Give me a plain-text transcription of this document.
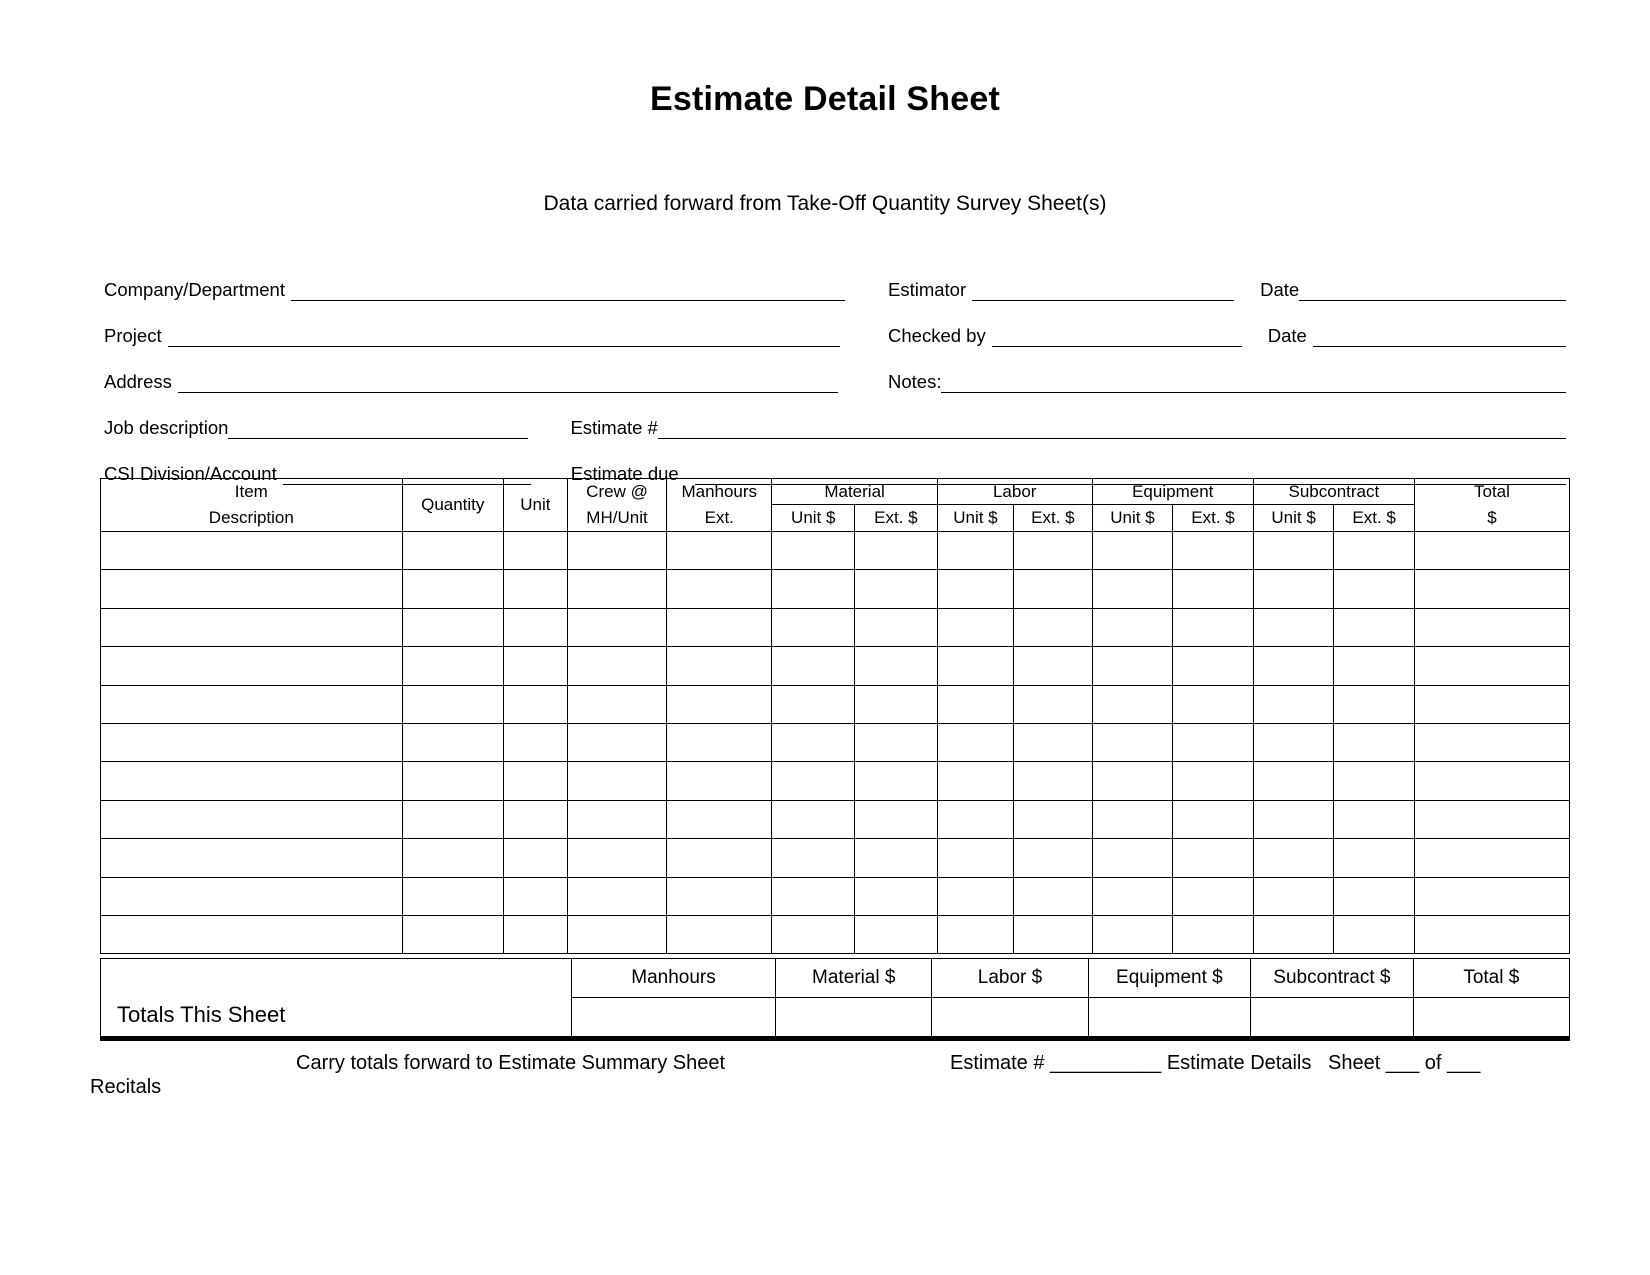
Estimate Detail Sheet
Data carried forward from Take-Off Quantity Survey Sheet(s)
Company/Department	Estimator	Date
Project	Checked by	Date
Address	Notes:
Job description	Estimate #
CSI Division/Account	Estimate due
Item	Quantity	Unit	Crew @	Manhours	Material		Labor		Equipment		Subcontract		Total
Description			MH/Unit	Ext.	Unit $	Ext. $	Unit $	Ext. $	Unit $	Ext. $	Unit $	Ext. $	$

Totals This Sheet	Manhours	Material $	Labor $	Equipment $	Subcontract $	Total $

Carry totals forward to Estimate Summary Sheet	Estimate # __________ Estimate Details Sheet ___ of ___
Recitals
